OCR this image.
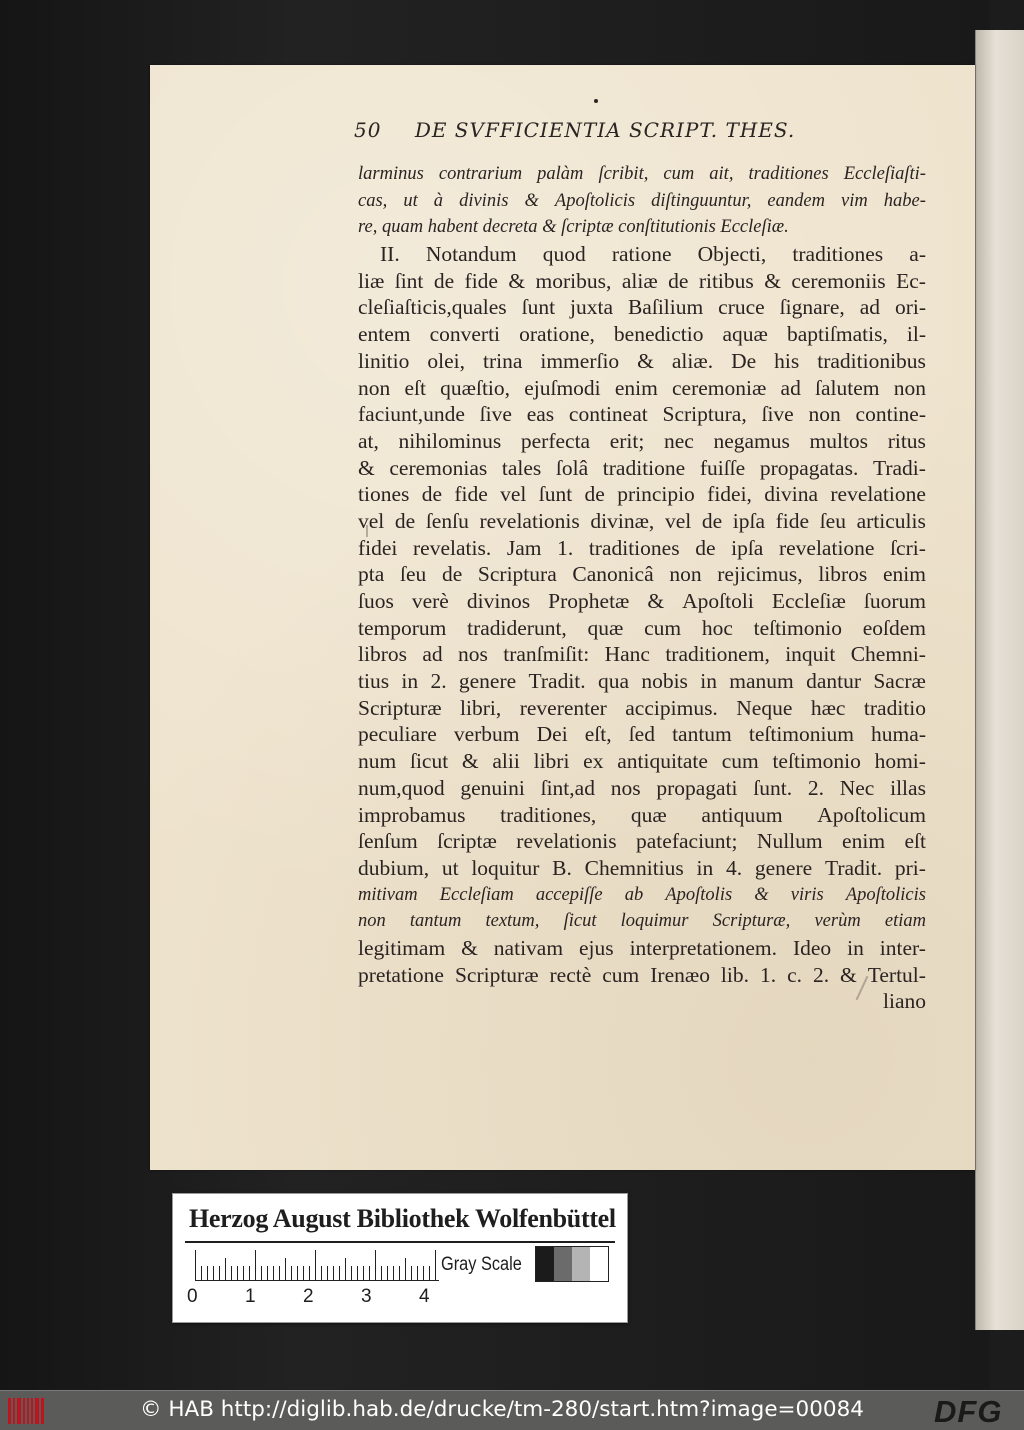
50 DE SVFFICIENTIA SCRIPT. THES.
larminus contrarium palàm ſcribit, cum ait, traditiones Eccleſiaſti-
cas, ut à divinis & Apoſtolicis diſtinguuntur, eandem vim habe-
re, quam habent decreta & ſcriptæ conſtitutionis Eccleſiæ.
II. Notandum quod ratione Objecti, traditiones a-
liæ ſint de fide & moribus, aliæ de ritibus & ceremoniis Ec-
cleſiaſticis,quales ſunt juxta Baſilium cruce ſignare, ad ori-
entem converti oratione, benedictio aquæ baptiſmatis, il-
linitio olei, trina immerſio & aliæ. De his traditionibus
non eſt quæſtio, ejuſmodi enim ceremoniæ ad ſalutem non
faciunt,unde ſive eas contineat Scriptura, ſive non contine-
at, nihilominus perfecta erit; nec negamus multos ritus
& ceremonias tales ſolâ traditione fuiſſe propagatas. Tradi-
tiones de fide vel ſunt de principio fidei, divina revelatione
vel de ſenſu revelationis divinæ, vel de ipſa fide ſeu articulis
fidei revelatis. Jam 1. traditiones de ipſa revelatione ſcri-
pta ſeu de Scriptura Canonicâ non rejicimus, libros enim
ſuos verè divinos Prophetæ & Apoſtoli Eccleſiæ ſuorum
temporum tradiderunt, quæ cum hoc teſtimonio eoſdem
libros ad nos tranſmiſit: Hanc traditionem, inquit Chemni-
tius in 2. genere Tradit. qua nobis in manum dantur Sacræ
Scripturæ libri, reverenter accipimus. Neque hæc traditio
peculiare verbum Dei eſt, ſed tantum teſtimonium huma-
num ſicut & alii libri ex antiquitate cum teſtimonio homi-
num,quod genuini ſint,ad nos propagati ſunt. 2. Nec illas
improbamus traditiones, quæ antiquum Apoſtolicum
ſenſum ſcriptæ revelationis patefaciunt; Nullum enim eſt
dubium, ut loquitur B. Chemnitius in 4. genere Tradit. pri-
mitivam Eccleſiam accepiſſe ab Apoſtolis & viris Apoſtolicis
non tantum textum, ſicut loquimur Scripturæ, verùm etiam
legitimam & nativam ejus interpretationem. Ideo in inter-
pretatione Scripturæ rectè cum Irenæo lib. 1. c. 2. & Tertul-
liano
Herzog August Bibliothek Wolfenbüttel
0 1 2 3 4
Gray Scale
© HAB http://diglib.hab.de/drucke/tm-280/start.htm?image=00084 DFG
